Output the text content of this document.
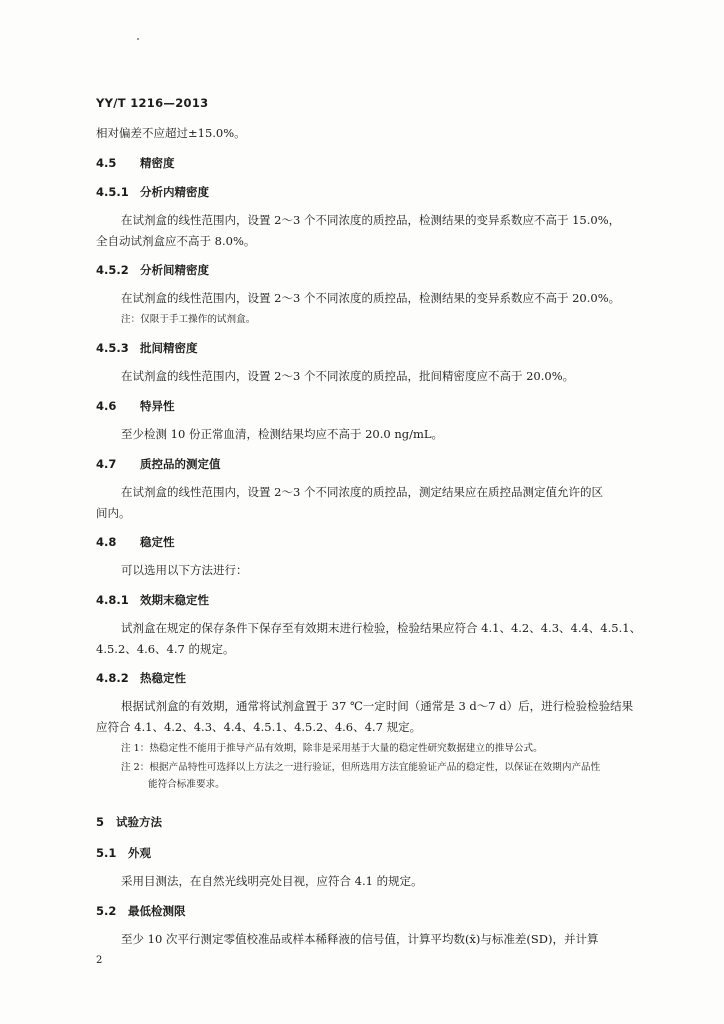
YY/T 1216—2013
相对偏差不应超过±15.0%。
4.5 精密度
4.5.1 分析内精密度
在试剂盒的线性范围内，设置 2～3 个不同浓度的质控品，检测结果的变异系数应不高于 15.0%，
全自动试剂盒应不高于 8.0%。
4.5.2 分析间精密度
在试剂盒的线性范围内，设置 2～3 个不同浓度的质控品，检测结果的变异系数应不高于 20.0%。
注：仅限于手工操作的试剂盒。
4.5.3 批间精密度
在试剂盒的线性范围内，设置 2～3 个不同浓度的质控品，批间精密度应不高于 20.0%。
4.6 特异性
至少检测 10 份正常血清，检测结果均应不高于 20.0 ng/mL。
4.7 质控品的测定值
在试剂盒的线性范围内，设置 2～3 个不同浓度的质控品，测定结果应在质控品测定值允许的区
间内。
4.8 稳定性
可以选用以下方法进行：
4.8.1 效期末稳定性
试剂盒在规定的保存条件下保存至有效期末进行检验，检验结果应符合 4.1、4.2、4.3、4.4、4.5.1、
4.5.2、4.6、4.7 的规定。
4.8.2 热稳定性
根据试剂盒的有效期，通常将试剂盒置于 37 ℃一定时间（通常是 3 d～7 d）后，进行检验检验结果
应符合 4.1、4.2、4.3、4.4、4.5.1、4.5.2、4.6、4.7 规定。
注 1：热稳定性不能用于推导产品有效期，除非是采用基于大量的稳定性研究数据建立的推导公式。
注 2：根据产品特性可选择以上方法之一进行验证，但所选用方法宜能验证产品的稳定性，以保证在效期内产品性
能符合标准要求。
5 试验方法
5.1 外观
采用目测法，在自然光线明亮处目视，应符合 4.1 的规定。
5.2 最低检测限
至少 10 次平行测定零值校准品或样本稀释液的信号值，计算平均数(x̄)与标准差(SD)，并计算
2
